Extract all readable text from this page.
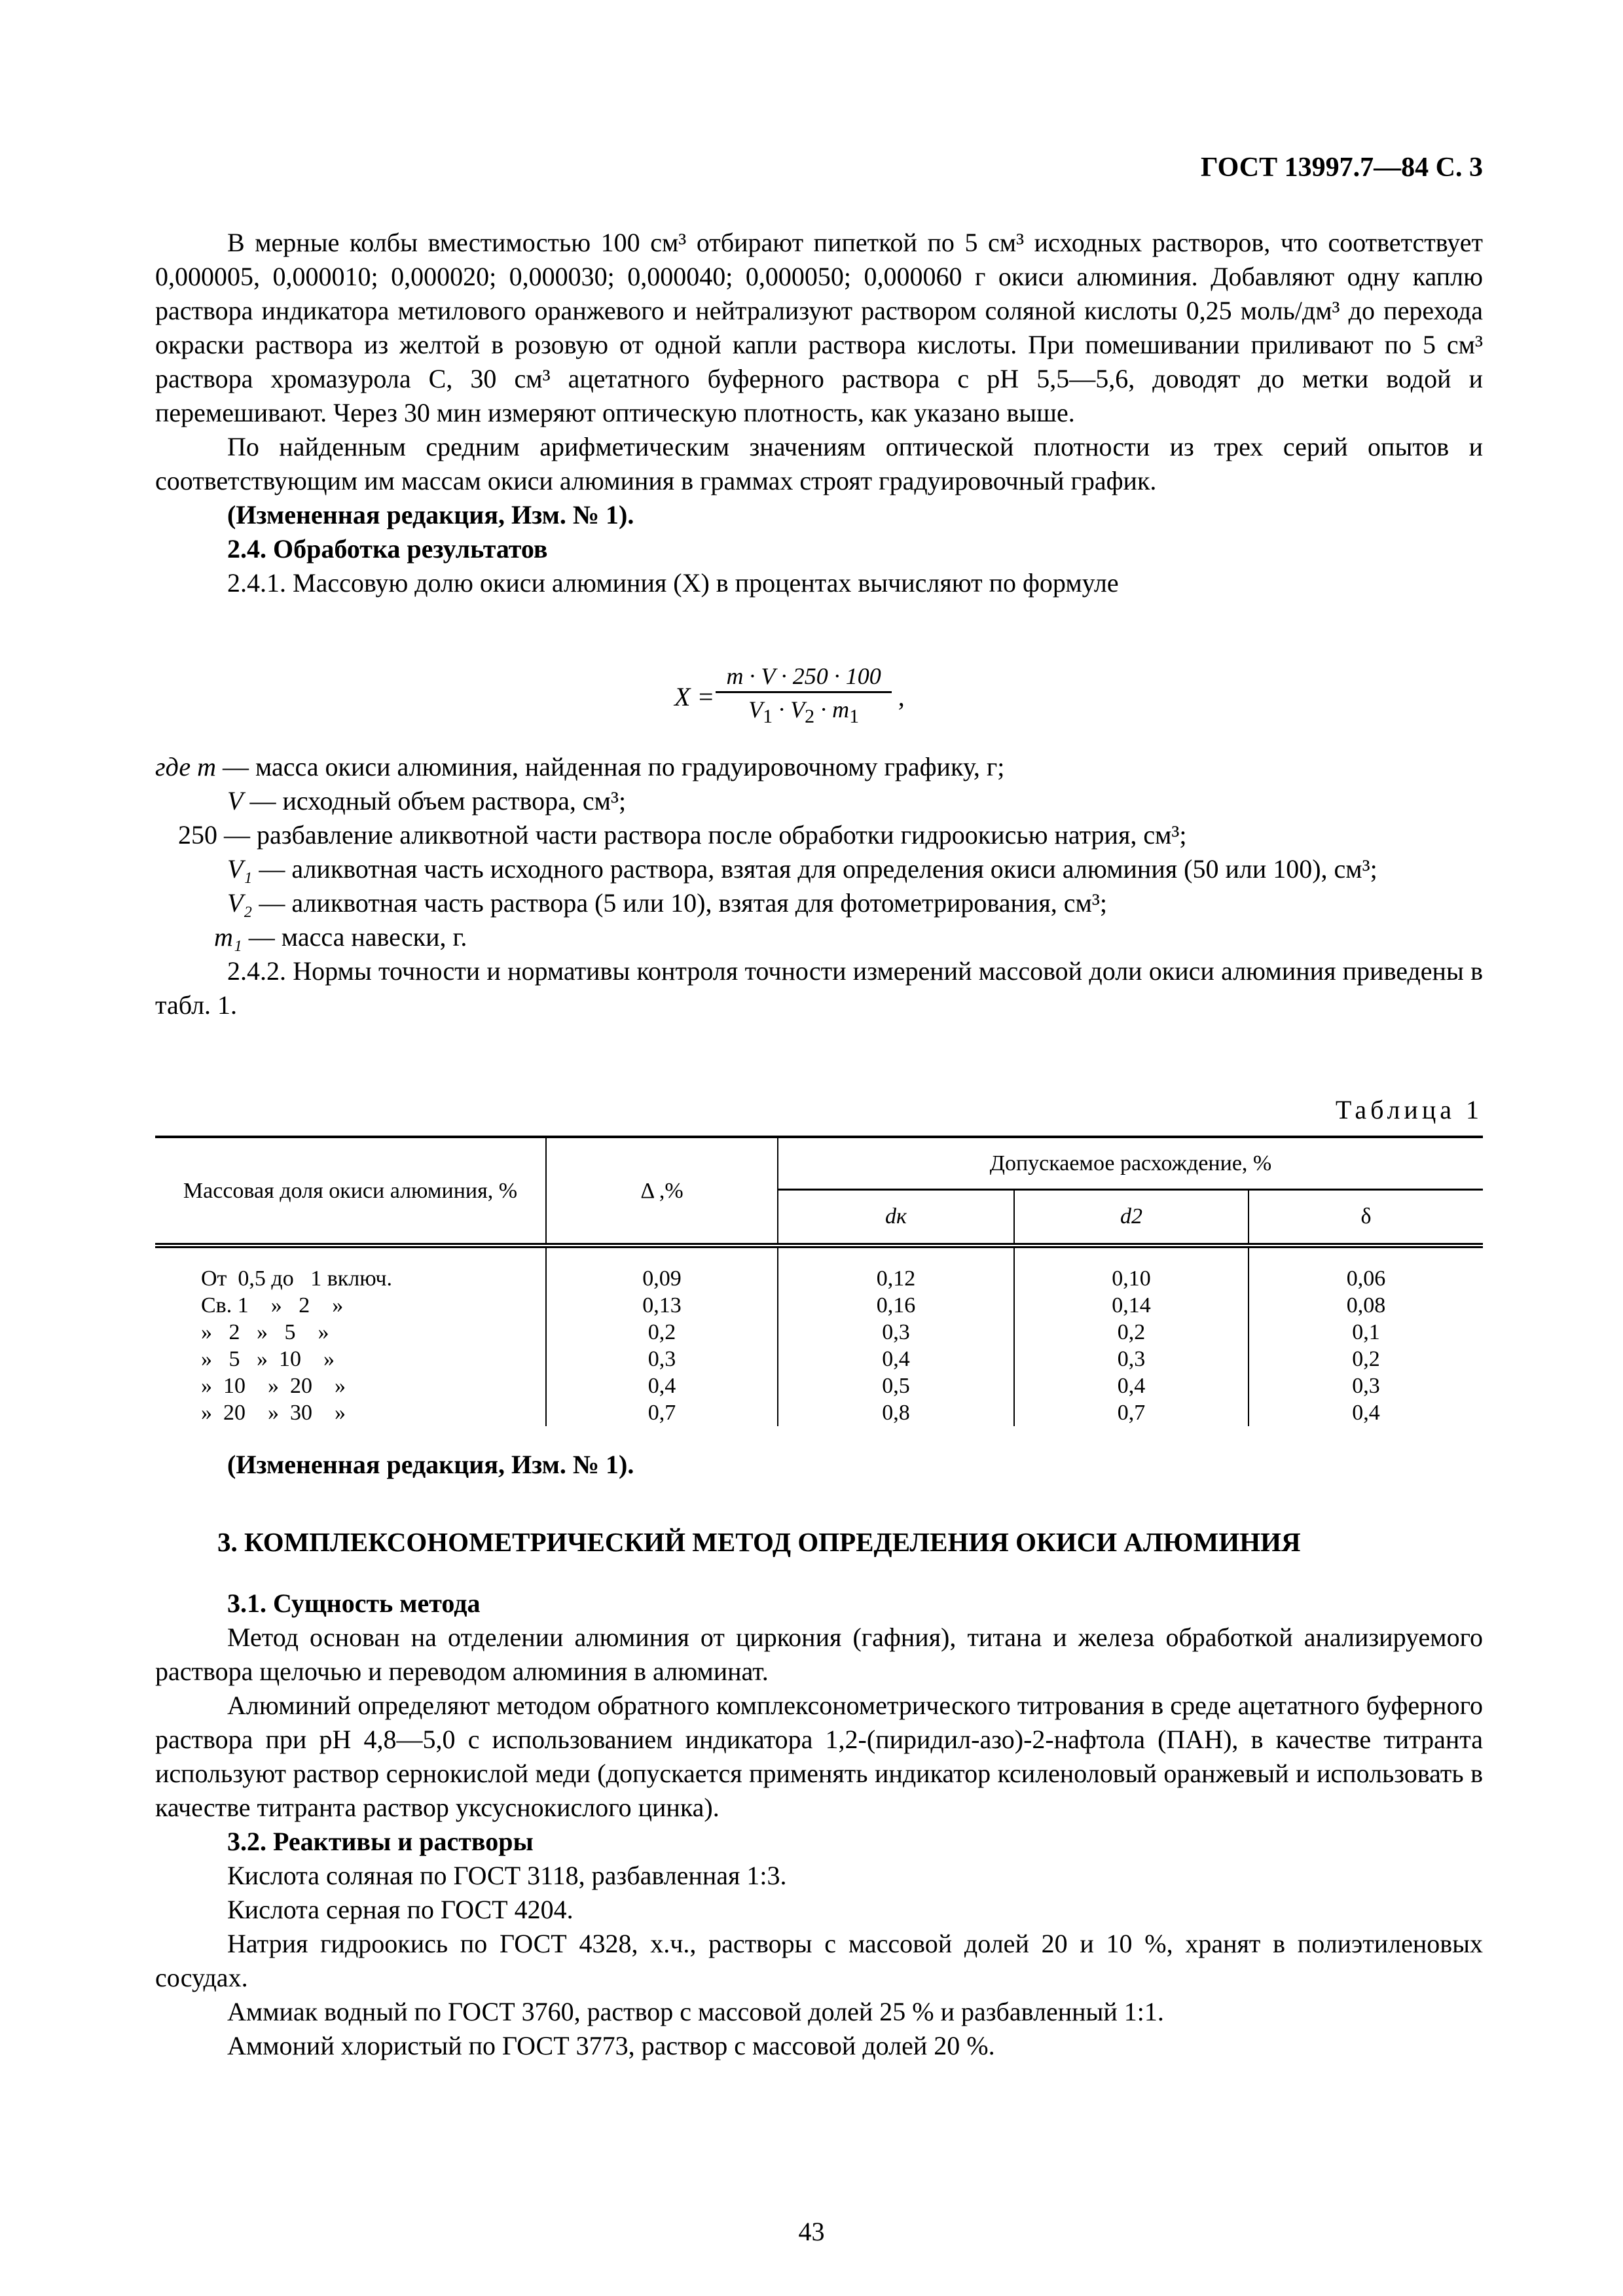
ГОСТ 13997.7—84 С. 3

В мерные колбы вместимостью 100 см³ отбирают пипеткой по 5 см³ исходных растворов, что соответствует 0,000005, 0,000010; 0,000020; 0,000030; 0,000040; 0,000050; 0,000060 г окиси алюминия. Добавляют одну каплю раствора индикатора метилового оранжевого и нейтрализуют раствором соляной кислоты 0,25 моль/дм³ до перехода окраски раствора из желтой в розовую от одной капли раствора кислоты. При помешивании приливают по 5 см³ раствора хромазурола С, 30 см³ ацетатного буферного раствора с рН 5,5—5,6, доводят до метки водой и перемешивают. Через 30 мин измеряют оптическую плотность, как указано выше.

По найденным средним арифметическим значениям оптической плотности из трех серий опытов и соответствующим им массам окиси алюминия в граммах строят градуировочный график.

(Измененная редакция, Изм. № 1).

2.4. Обработка результатов

2.4.1. Массовую долю окиси алюминия (X) в процентах вычисляют по формуле

$X = \frac{m \cdot V \cdot 250 \cdot 100}{V_1 \cdot V_2 \cdot m_1}$ ,

где m — масса окиси алюминия, найденная по градуировочному графику, г;

V — исходный объем раствора, см³;

250 — разбавление аликвотной части раствора после обработки гидроокисью натрия, см³;

V₁ — аликвотная часть исходного раствора, взятая для определения окиси алюминия (50 или 100), см³;

V₂ — аликвотная часть раствора (5 или 10), взятая для фотометрирования, см³;

m₁ — масса навески, г.

2.4.2. Нормы точности и нормативы контроля точности измерений массовой доли окиси алюминия приведены в табл. 1.

Таблица 1
Массовая доля окиси алюминия, %	Δ ,%	Допускаемое расхождение, %		
		dк	d2	δ

От  0,5 до   1 включ.	0,09	0,12	0,10	0,06
Св. 1    »   2    »	0,13	0,16	0,14	0,08
»   2   »   5    »	0,2	0,3	0,2	0,1
»   5   »  10    »	0,3	0,4	0,3	0,2
»  10    »  20    »	0,4	0,5	0,4	0,3
»  20    »  30    »	0,7	0,8	0,7	0,4

(Измененная редакция, Изм. № 1).

3. КОМПЛЕКСОНОМЕТРИЧЕСКИЙ МЕТОД ОПРЕДЕЛЕНИЯ ОКИСИ АЛЮМИНИЯ

3.1. Сущность метода

Метод основан на отделении алюминия от циркония (гафния), титана и железа обработкой анализируемого раствора щелочью и переводом алюминия в алюминат.

Алюминий определяют методом обратного комплексонометрического титрования в среде ацетатного буферного раствора при рН 4,8—5,0 с использованием индикатора 1,2-(пиридил-азо)-2-нафтола (ПАН), в качестве титранта используют раствор сернокислой меди (допускается применять индикатор ксиленоловый оранжевый и использовать в качестве титранта раствор уксуснокислого цинка).

3.2. Реактивы и растворы

Кислота соляная по ГОСТ 3118, разбавленная 1:3.

Кислота серная по ГОСТ 4204.

Натрия гидроокись по ГОСТ 4328, х.ч., растворы с массовой долей 20 и 10 %, хранят в полиэтиленовых сосудах.

Аммиак водный по ГОСТ 3760, раствор с массовой долей 25 % и разбавленный 1:1.

Аммоний хлористый по ГОСТ 3773, раствор с массовой долей 20 %.

43
